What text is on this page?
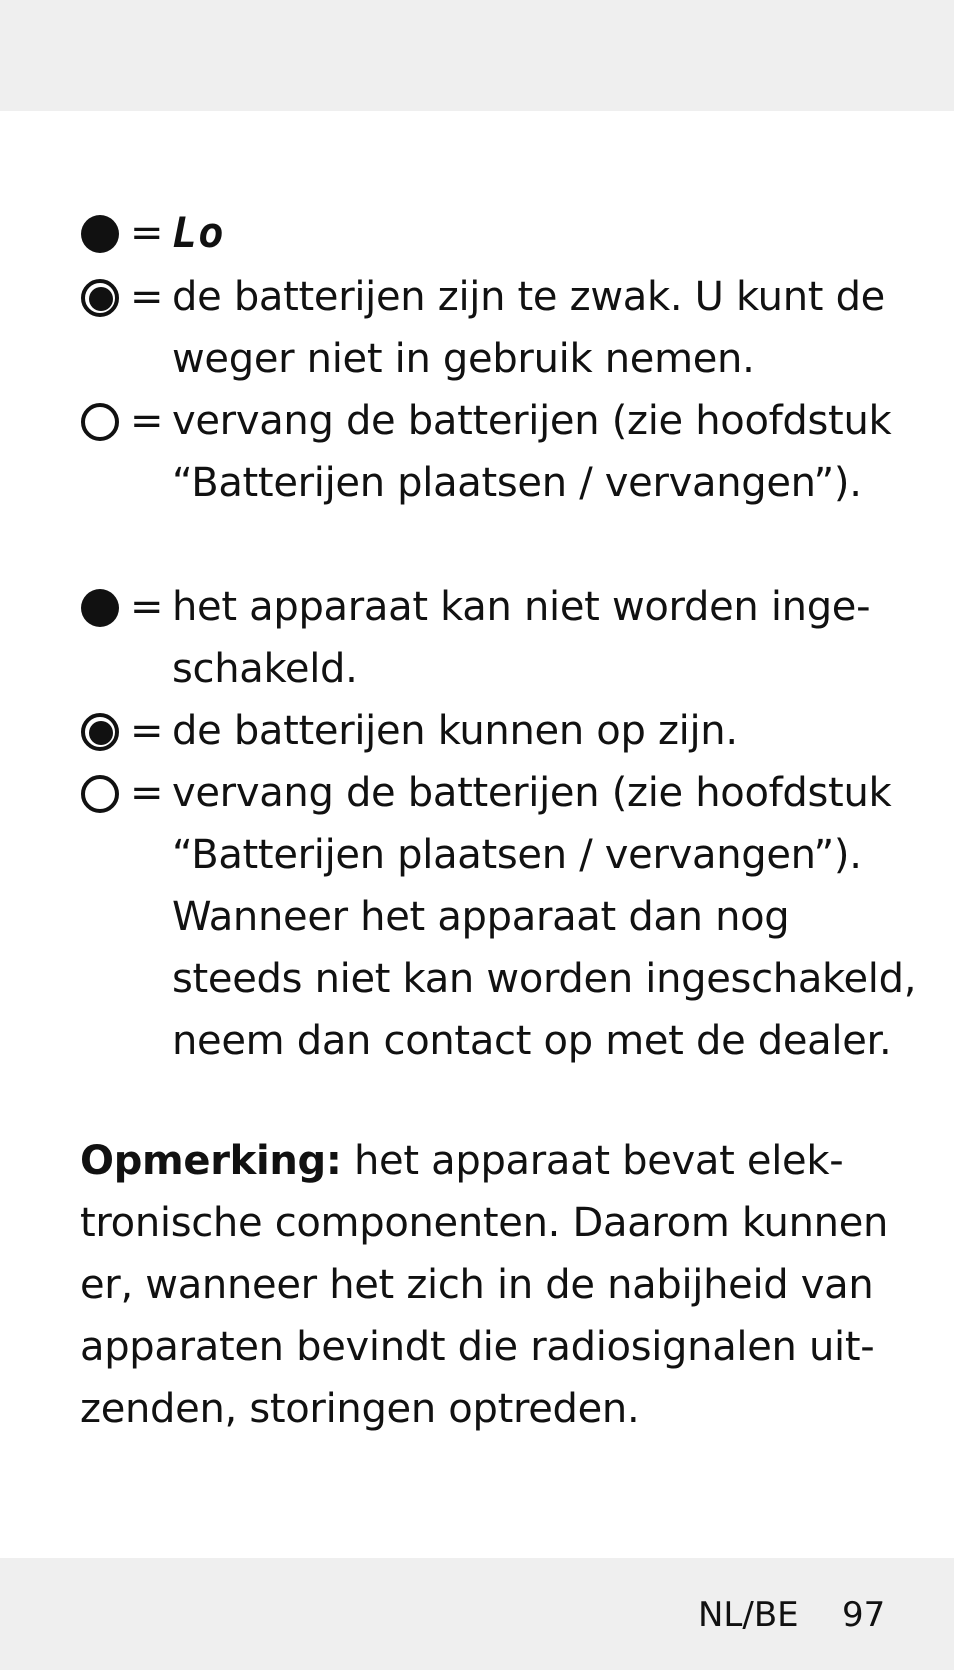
= Lo
= de batterijen zijn te zwak. U kunt de
weger niet in gebruik nemen.
= vervang de batterijen (zie hoofdstuk
“Batterijen plaatsen / vervangen”).
= het apparaat kan niet worden inge-
schakeld.
= de batterijen kunnen op zijn.
= vervang de batterijen (zie hoofdstuk
“Batterijen plaatsen / vervangen”).
Wanneer het apparaat dan nog
steeds niet kan worden ingeschakeld,
neem dan contact op met de dealer.
Opmerking: het apparaat bevat elek-
tronische componenten. Daarom kunnen
er, wanneer het zich in de nabijheid van
apparaten bevindt die radiosignalen uit-
zenden, storingen optreden.
NL/BE 97
